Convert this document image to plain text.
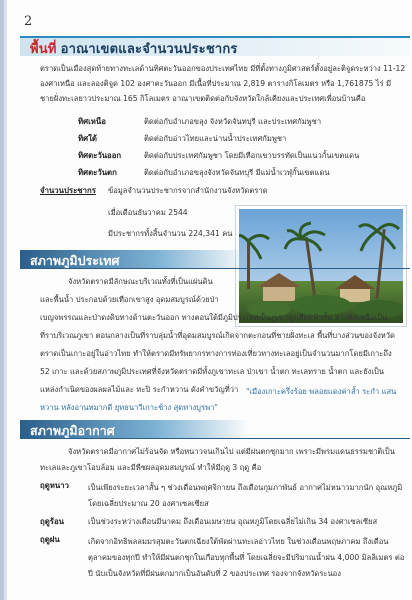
2
พื้นที่ อาณาเขตและจำนวนประชากร
ตราดเป็นเมืองสุดท้ายทางทะเลด้านทิศตะวันออกของประเทศไทย มีที่ตั้งทางภูมิศาสตร์ตั้งอยู่ละติจูดระหว่าง 11-12 องศาเหนือ และลองติจูด 102 องศาตะวันออก มีเนื้อที่ประมาณ 2,819 ตารางกิโลเมตร หรือ 1,761875 ไร่ มีชายฝั่งทะเลยาวประมาณ 165 กิโลเมตร อาณาเขตติดต่อกับจังหวัดใกล้เคียงและประเทศเพื่อนบ้านคือ
ทิศเหนือ	ติดต่อกับอำเภอขลุง จังหวัดจันทบุรี และประเทศกัมพูชา
ทิศใต้	ติดต่อกับอ่าวไทยและน่านน้ำประเทศกัมพูชา
ทิศตะวันออก	ติดต่อกับประเทศกัมพูชา โดยมีเทือกเขาบรรทัดเป็นแนวกั้นเขตแดน
ทิศตะวันตก	ติดต่อกับอำเภอขลุงจังหวัดจันทบุรี มีแม่น้ำเวฬุกั้นเขตแดน
จำนวนประชากร ข้อมูลจำนวนประชากรจากสำนักงานจังหวัดตราด
เมื่อเดือนธันวาคม 2544
มีประชากรทั้งสิ้นจำนวน 224,341 คน
สภาพภูมิประเทศ
จังหวัดตราดมีลักษณะบริเวณทั้งที่เป็นแผ่นดิน
และพื้นน้ำ ประกอบด้วยเทือกเขาสูง อุดมสมบูรณ์ด้วยป่า
เบญจพรรณและป่าดงดิบทางด้านตะวันออก ทางตอนใต้มีภูมิประเทศเป็นภูเขาสูงเสียดฟ้ากั้น ล่างทิศเหนือเป็น
ที่ราบริเวณภูเขา ตอนกลางเป็นที่ราบลุ่มน้ำที่อุดมสมบูรณ์เกิดจากตะกอนที่ชายฝั่งทะเล พื้นที่บางส่วนของจังหวัด
ตราดเป็นเกาะอยู่ในอ่าวไทย ทำให้ตราดมีทรัพยากรทางการท่องเที่ยวทางทะเลอยู่เป็นจำนวนมากโดยมีเกาะถึง
52 เกาะ และด้วยสภาพภูมิประเทศที่จังหวัดตราดมีทั้งภูเขาทะเล ป่าเขา น้ำตก ทะเลทราย น้ำตก และยังเป็น
แหล่งกำเนิดของผลผลไม้และ ทะปิ ระกำหวาน ดังคำขวัญที่ว่า	"เมืองเกาะครึ่งร้อย พลอยแดงค่าล้ำ ระกำ แสนหวาน หลังอานหมากดี ยุทธนาวีเกาะช้าง สุดทางบูรพา"
สภาพภูมิอากาศ
จังหวัดตราดมีอากาศไม่ร้อนจัด หรือหนาวจนเกินไป แต่มีฝนตกชุกมาก เพราะมีพรมแดนธรรมชาติเป็นทะเลและภูเขาโอบล้อม และมีพืชผลอุดมสมบูรณ์ ทำให้มีฤดู 3 ฤดู คือ
ฤดูหนาว เป็นเพียงระยะเวลาสั้น ๆ ช่วงเดือนพฤศจิกายน ถึงเดือนกุมภาพันธ์ อากาศไม่หนาวมากนัก อุณหภูมิโดยเฉลี่ยประมาณ 20 องศาเซลเซียส
ฤดูร้อน	เป็นช่วงระหว่างเดือนมีนาคม ถึงเดือนเมษายน อุณหภูมิโดยเฉลี่ยไม่เกิน 34 องศาเซลเซียส
ฤดูฝน	เกิดจากอิทธิพลลมมรสุมตะวันตกเฉียงใต้พัดผ่านทะเลอ่าวไทย ในช่วงเดือนพฤษภาคม ถึงเดือนตุลาคมของทุกปี ทำให้มีฝนตกชุกในเกือบทุกพื้นที่ โดยเฉลี่ยจะมีปริมาณน้ำฝน 4,000 มิลลิเมตร ต่อปี นับเป็นจังหวัดที่มีฝนตกมากเป็นอันดับที่ 2 ของประเทศ รองจากจังหวัดระนอง
